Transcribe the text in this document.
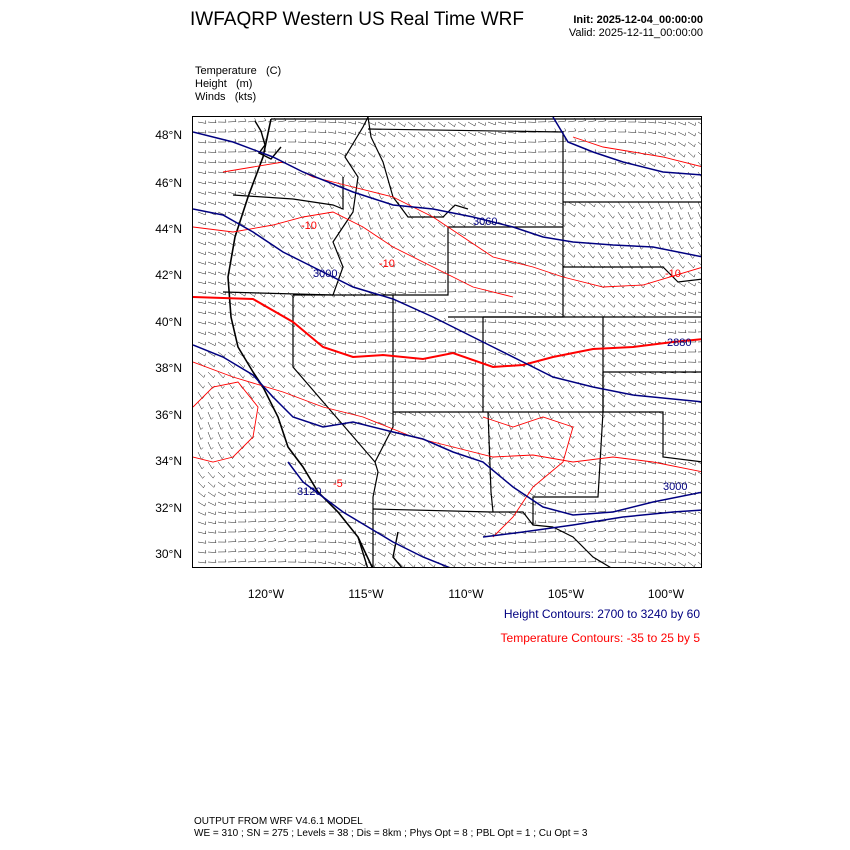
IWFAQRP Western US Real Time WRF	Init: 2025-12-04_00:00:00
Valid: 2025-12-11_00:00:00
Temperature (C)
Height (m)
Winds (kts)
48°N
46°N
44°N
42°N
40°N
38°N
36°N
34°N
32°N
30°N
120°W	115°W	110°W	105°W	100°W
3060
3000
2880
3000
3120
-10
-10
-10
-5
Height Contours: 2700 to 3240 by 60
Temperature Contours: -35 to 25 by 5
OUTPUT FROM WRF V4.6.1 MODEL
WE = 310 ; SN = 275 ; Levels = 38 ; Dis = 8km ; Phys Opt = 8 ; PBL Opt = 1 ; Cu Opt = 3
